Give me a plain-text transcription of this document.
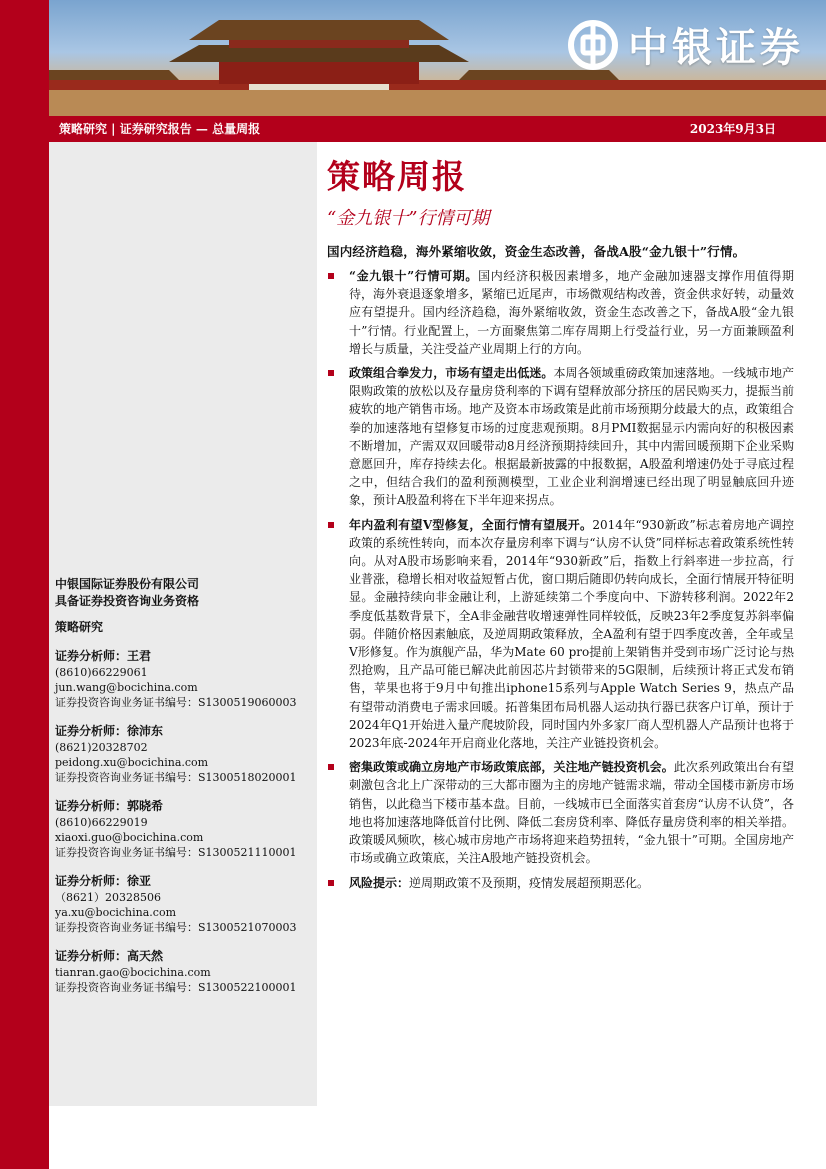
中银证券
策略研究 | 证券研究报告 — 总量周报	2023年9月3日
中银国际证券股份有限公司
具备证券投资咨询业务资格
策略研究
证券分析师：王君
(8610)66229061
jun.wang@bocichina.com
证券投资咨询业务证书编号：S1300519060003
证券分析师：徐沛东
(8621)20328702
peidong.xu@bocichina.com
证券投资咨询业务证书编号：S1300518020001
证券分析师：郭晓希
(8610)66229019
xiaoxi.guo@bocichina.com
证券投资咨询业务证书编号：S1300521110001
证券分析师：徐亚
（8621）20328506
ya.xu@bocichina.com
证券投资咨询业务证书编号：S1300521070003
证券分析师：高天然
tianran.gao@bocichina.com
证券投资咨询业务证书编号：S1300522100001
策略周报
“金九银十”行情可期
国内经济趋稳，海外紧缩收敛，资金生态改善，备战A股“金九银十”行情。
“金九银十”行情可期。国内经济积极因素增多，地产金融加速器支撑作用值得期待，海外衰退逐象增多，紧缩已近尾声，市场微观结构改善，资金供求好转，动量效应有望提升。国内经济趋稳，海外紧缩收敛，资金生态改善之下，备战A股“金九银十”行情。行业配置上，一方面聚焦第二库存周期上行受益行业，另一方面兼顾盈利增长与质量，关注受益产业周期上行的方向。
政策组合拳发力，市场有望走出低迷。本周各领域重磅政策加速落地。一线城市地产限购政策的放松以及存量房贷利率的下调有望释放部分挤压的居民购买力，提振当前疲软的地产销售市场。地产及资本市场政策是此前市场预期分歧最大的点，政策组合拳的加速落地有望修复市场的过度悲观预期。8月PMI数据显示内需向好的积极因素不断增加，产需双双回暖带动8月经济预期持续回升，其中内需回暖预期下企业采购意愿回升，库存持续去化。根据最新披露的中报数据，A股盈利增速仍处于寻底过程之中，但结合我们的盈利预测模型，工业企业利润增速已经出现了明显触底回升迹象，预计A股盈利将在下半年迎来拐点。
年内盈利有望V型修复，全面行情有望展开。2014年“930新政”标志着房地产调控政策的系统性转向，而本次存量房利率下调与“认房不认贷”同样标志着政策系统性转向。从对A股市场影响来看，2014年“930新政”后，指数上行斜率进一步拉高，行业普涨，稳增长相对收益短暂占优，窗口期后随即仍转向成长，全面行情展开特征明显。金融持续向非金融让利，上游延续第二个季度向中、下游转移利润。2022年2季度低基数背景下，全A非金融营收增速弹性同样较低，反映23年2季度复苏斜率偏弱。伴随价格因素触底，及逆周期政策释放，全A盈利有望于四季度改善，全年或呈V形修复。作为旗舰产品，华为Mate 60 pro提前上架销售并受到市场广泛讨论与热烈抢购，且产品可能已解决此前因芯片封锁带来的5G限制，后续预计将正式发布销售，苹果也将于9月中旬推出iphone15系列与Apple Watch Series 9，热点产品有望带动消费电子需求回暖。拓普集团布局机器人运动执行器已获客户订单，预计于2024年Q1开始进入量产爬坡阶段，同时国内外多家厂商人型机器人产品预计也将于2023年底-2024年开启商业化落地，关注产业链投资机会。
密集政策或确立房地产市场政策底部，关注地产链投资机会。此次系列政策出台有望刺激包含北上广深带动的三大都市圈为主的房地产链需求端，带动全国楼市新房市场销售，以此稳当下楼市基本盘。目前，一线城市已全面落实首套房“认房不认贷”，各地也将加速落地降低首付比例、降低二套房贷利率、降低存量房贷利率的相关举措。政策暖风频吹，核心城市房地产市场将迎来趋势扭转，“金九银十”可期。全国房地产市场或确立政策底，关注A股地产链投资机会。
风险提示：逆周期政策不及预期，疫情发展超预期恶化。
